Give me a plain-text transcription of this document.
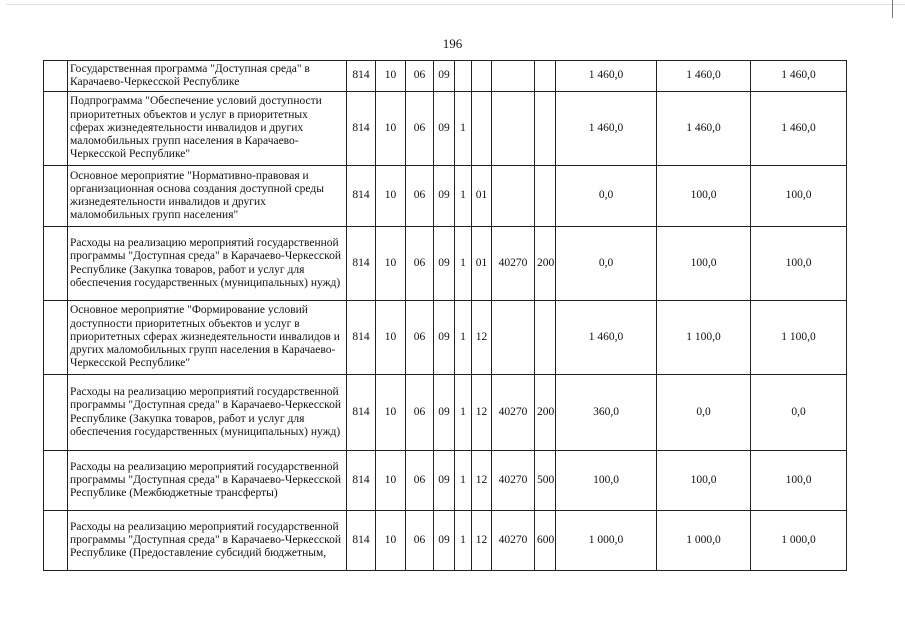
196
	Государственная программа "Доступная среда" в Карачаево-Черкесской Республике	814	10	06	09					1 460,0	1 460,0	1 460,0
	Подпрограмма "Обеспечение условий доступности приоритетных объектов и услуг в приоритетных сферах жизнедеятельности инвалидов и других маломобильных групп населения в Карачаево-Черкесской Республике"	814	10	06	09	1				1 460,0	1 460,0	1 460,0
	Основное мероприятие "Нормативно-правовая и организационная основа создания доступной среды жизнедеятельности инвалидов и других маломобильных групп населения"	814	10	06	09	1	01			0,0	100,0	100,0
	Расходы на реализацию мероприятий государственной программы "Доступная среда" в Карачаево-Черкесской Республике (Закупка товаров, работ и услуг для обеспечения государственных (муниципальных) нужд)	814	10	06	09	1	01	40270	200	0,0	100,0	100,0
	Основное мероприятие "Формирование условий доступности приоритетных объектов и услуг в приоритетных сферах жизнедеятельности инвалидов и других маломобильных групп населения в Карачаево-Черкесской Республике"	814	10	06	09	1	12			1 460,0	1 100,0	1 100,0
	Расходы на реализацию мероприятий государственной программы "Доступная среда" в Карачаево-Черкесской Республике (Закупка товаров, работ и услуг для обеспечения государственных (муниципальных) нужд)	814	10	06	09	1	12	40270	200	360,0	0,0	0,0
	Расходы на реализацию мероприятий государственной программы "Доступная среда" в Карачаево-Черкесской Республике (Межбюджетные трансферты)	814	10	06	09	1	12	40270	500	100,0	100,0	100,0
	Расходы на реализацию мероприятий государственной программы "Доступная среда" в Карачаево-Черкесской Республике (Предоставление субсидий бюджетным,	814	10	06	09	1	12	40270	600	1 000,0	1 000,0	1 000,0
